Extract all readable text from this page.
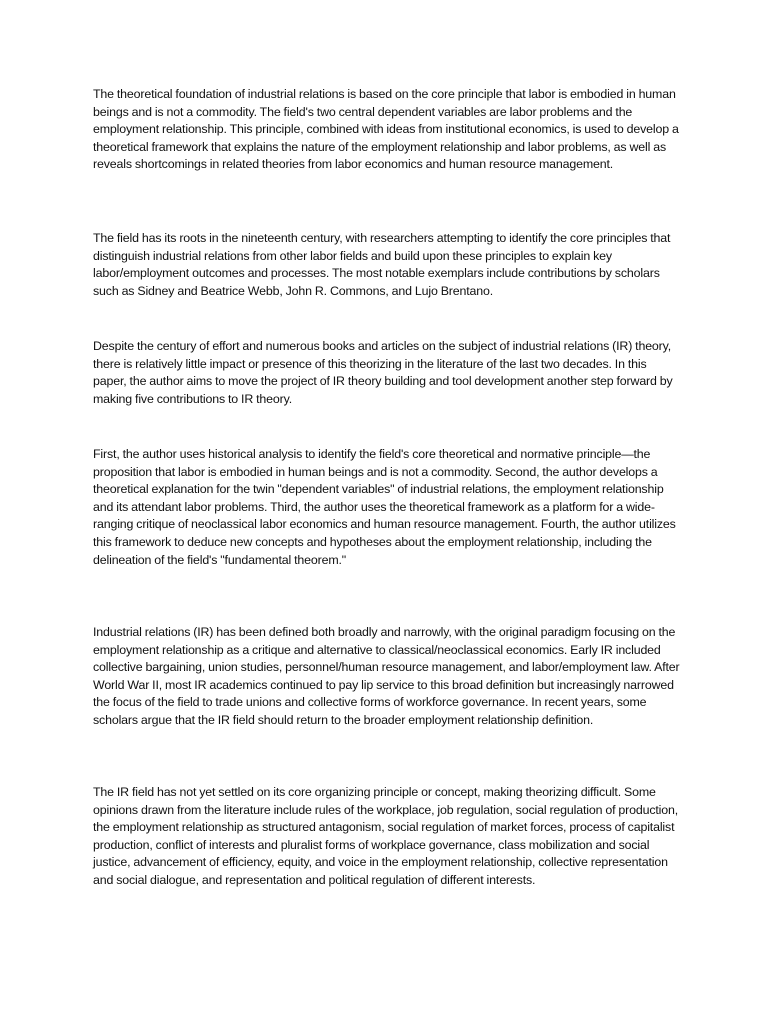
The theoretical foundation of industrial relations is based on the core principle that labor is embodied in human beings and is not a commodity. The field's two central dependent variables are labor problems and the employment relationship. This principle, combined with ideas from institutional economics, is used to develop a theoretical framework that explains the nature of the employment relationship and labor problems, as well as reveals shortcomings in related theories from labor economics and human resource management.

The field has its roots in the nineteenth century, with researchers attempting to identify the core principles that distinguish industrial relations from other labor fields and build upon these principles to explain key labor/employment outcomes and processes. The most notable exemplars include contributions by scholars such as Sidney and Beatrice Webb, John R. Commons, and Lujo Brentano.

Despite the century of effort and numerous books and articles on the subject of industrial relations (IR) theory, there is relatively little impact or presence of this theorizing in the literature of the last two decades. In this paper, the author aims to move the project of IR theory building and tool development another step forward by making five contributions to IR theory.

First, the author uses historical analysis to identify the field's core theoretical and normative principle—the proposition that labor is embodied in human beings and is not a commodity. Second, the author develops a theoretical explanation for the twin "dependent variables" of industrial relations, the employment relationship and its attendant labor problems. Third, the author uses the theoretical framework as a platform for a wide-ranging critique of neoclassical labor economics and human resource management. Fourth, the author utilizes this framework to deduce new concepts and hypotheses about the employment relationship, including the delineation of the field's "fundamental theorem."

Industrial relations (IR) has been defined both broadly and narrowly, with the original paradigm focusing on the employment relationship as a critique and alternative to classical/neoclassical economics. Early IR included collective bargaining, union studies, personnel/human resource management, and labor/employment law. After World War II, most IR academics continued to pay lip service to this broad definition but increasingly narrowed the focus of the field to trade unions and collective forms of workforce governance. In recent years, some scholars argue that the IR field should return to the broader employment relationship definition.

The IR field has not yet settled on its core organizing principle or concept, making theorizing difficult. Some opinions drawn from the literature include rules of the workplace, job regulation, social regulation of production, the employment relationship as structured antagonism, social regulation of market forces, process of capitalist production, conflict of interests and pluralist forms of workplace governance, class mobilization and social justice, advancement of efficiency, equity, and voice in the employment relationship, collective representation and social dialogue, and representation and political regulation of different interests.
